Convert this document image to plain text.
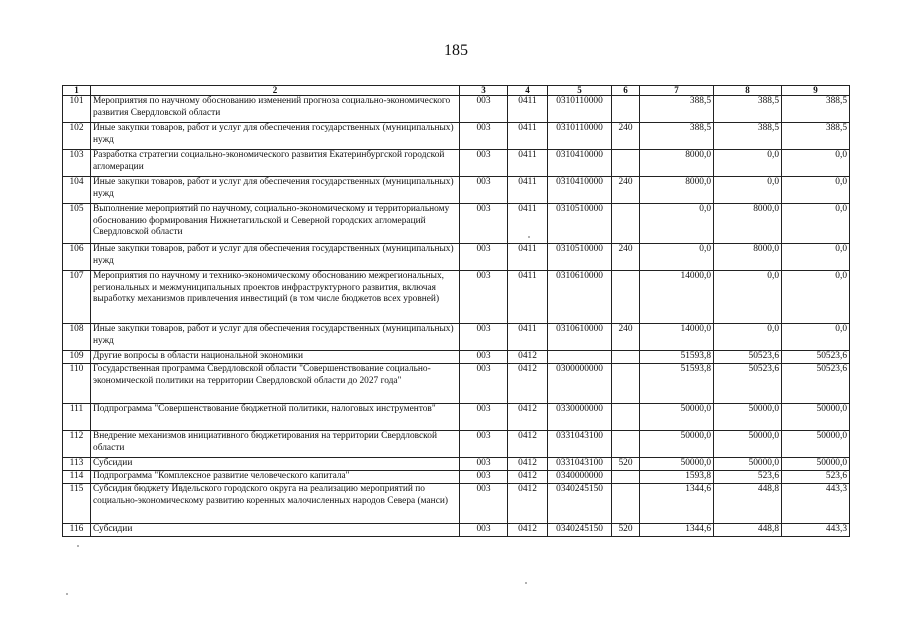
185
1	2	3	4	5	6	7	8	9
101	Мероприятия по научному обоснованию изменений прогноза социально-экономического развития Свердловской области	003	0411	0310110000		388,5	388,5	388,5
102	Иные закупки товаров, работ и услуг для обеспечения государственных (муниципальных) нужд	003	0411	0310110000	240	388,5	388,5	388,5
103	Разработка стратегии социально-экономического развития Екатеринбургской городской агломерации	003	0411	0310410000		8000,0	0,0	0,0
104	Иные закупки товаров, работ и услуг для обеспечения государственных (муниципальных) нужд	003	0411	0310410000	240	8000,0	0,0	0,0
105	Выполнение мероприятий по научному, социально-экономическому и территориальному обоснованию формирования Нижнетагильской и Северной городских агломераций Свердловской области	003	0411	0310510000		0,0	8000,0	0,0
106	Иные закупки товаров, работ и услуг для обеспечения государственных (муниципальных) нужд	003	0411	0310510000	240	0,0	8000,0	0,0
107	Мероприятия по научному и технико-экономическому обоснованию межрегиональных, региональных и межмуниципальных проектов инфраструктурного развития, включая выработку механизмов привлечения инвестиций (в том числе бюджетов всех уровней)	003	0411	0310610000		14000,0	0,0	0,0
108	Иные закупки товаров, работ и услуг для обеспечения государственных (муниципальных) нужд	003	0411	0310610000	240	14000,0	0,0	0,0
109	Другие вопросы в области национальной экономики	003	0412			51593,8	50523,6	50523,6
110	Государственная программа Свердловской области "Совершенствование социально-экономической политики на территории Свердловской области до 2027 года"	003	0412	0300000000		51593,8	50523,6	50523,6
111	Подпрограмма "Совершенствование бюджетной политики, налоговых инструментов"	003	0412	0330000000		50000,0	50000,0	50000,0
112	Внедрение механизмов инициативного бюджетирования на территории Свердловской области	003	0412	0331043100		50000,0	50000,0	50000,0
113	Субсидии	003	0412	0331043100	520	50000,0	50000,0	50000,0
114	Подпрограмма "Комплексное развитие человеческого капитала"	003	0412	0340000000		1593,8	523,6	523,6
115	Субсидия бюджету Ивдельского городского округа на реализацию мероприятий по социально-экономическому развитию коренных малочисленных народов Севера (манси)	003	0412	0340245150		1344,6	448,8	443,3
116	Субсидии	003	0412	0340245150	520	1344,6	448,8	443,3
